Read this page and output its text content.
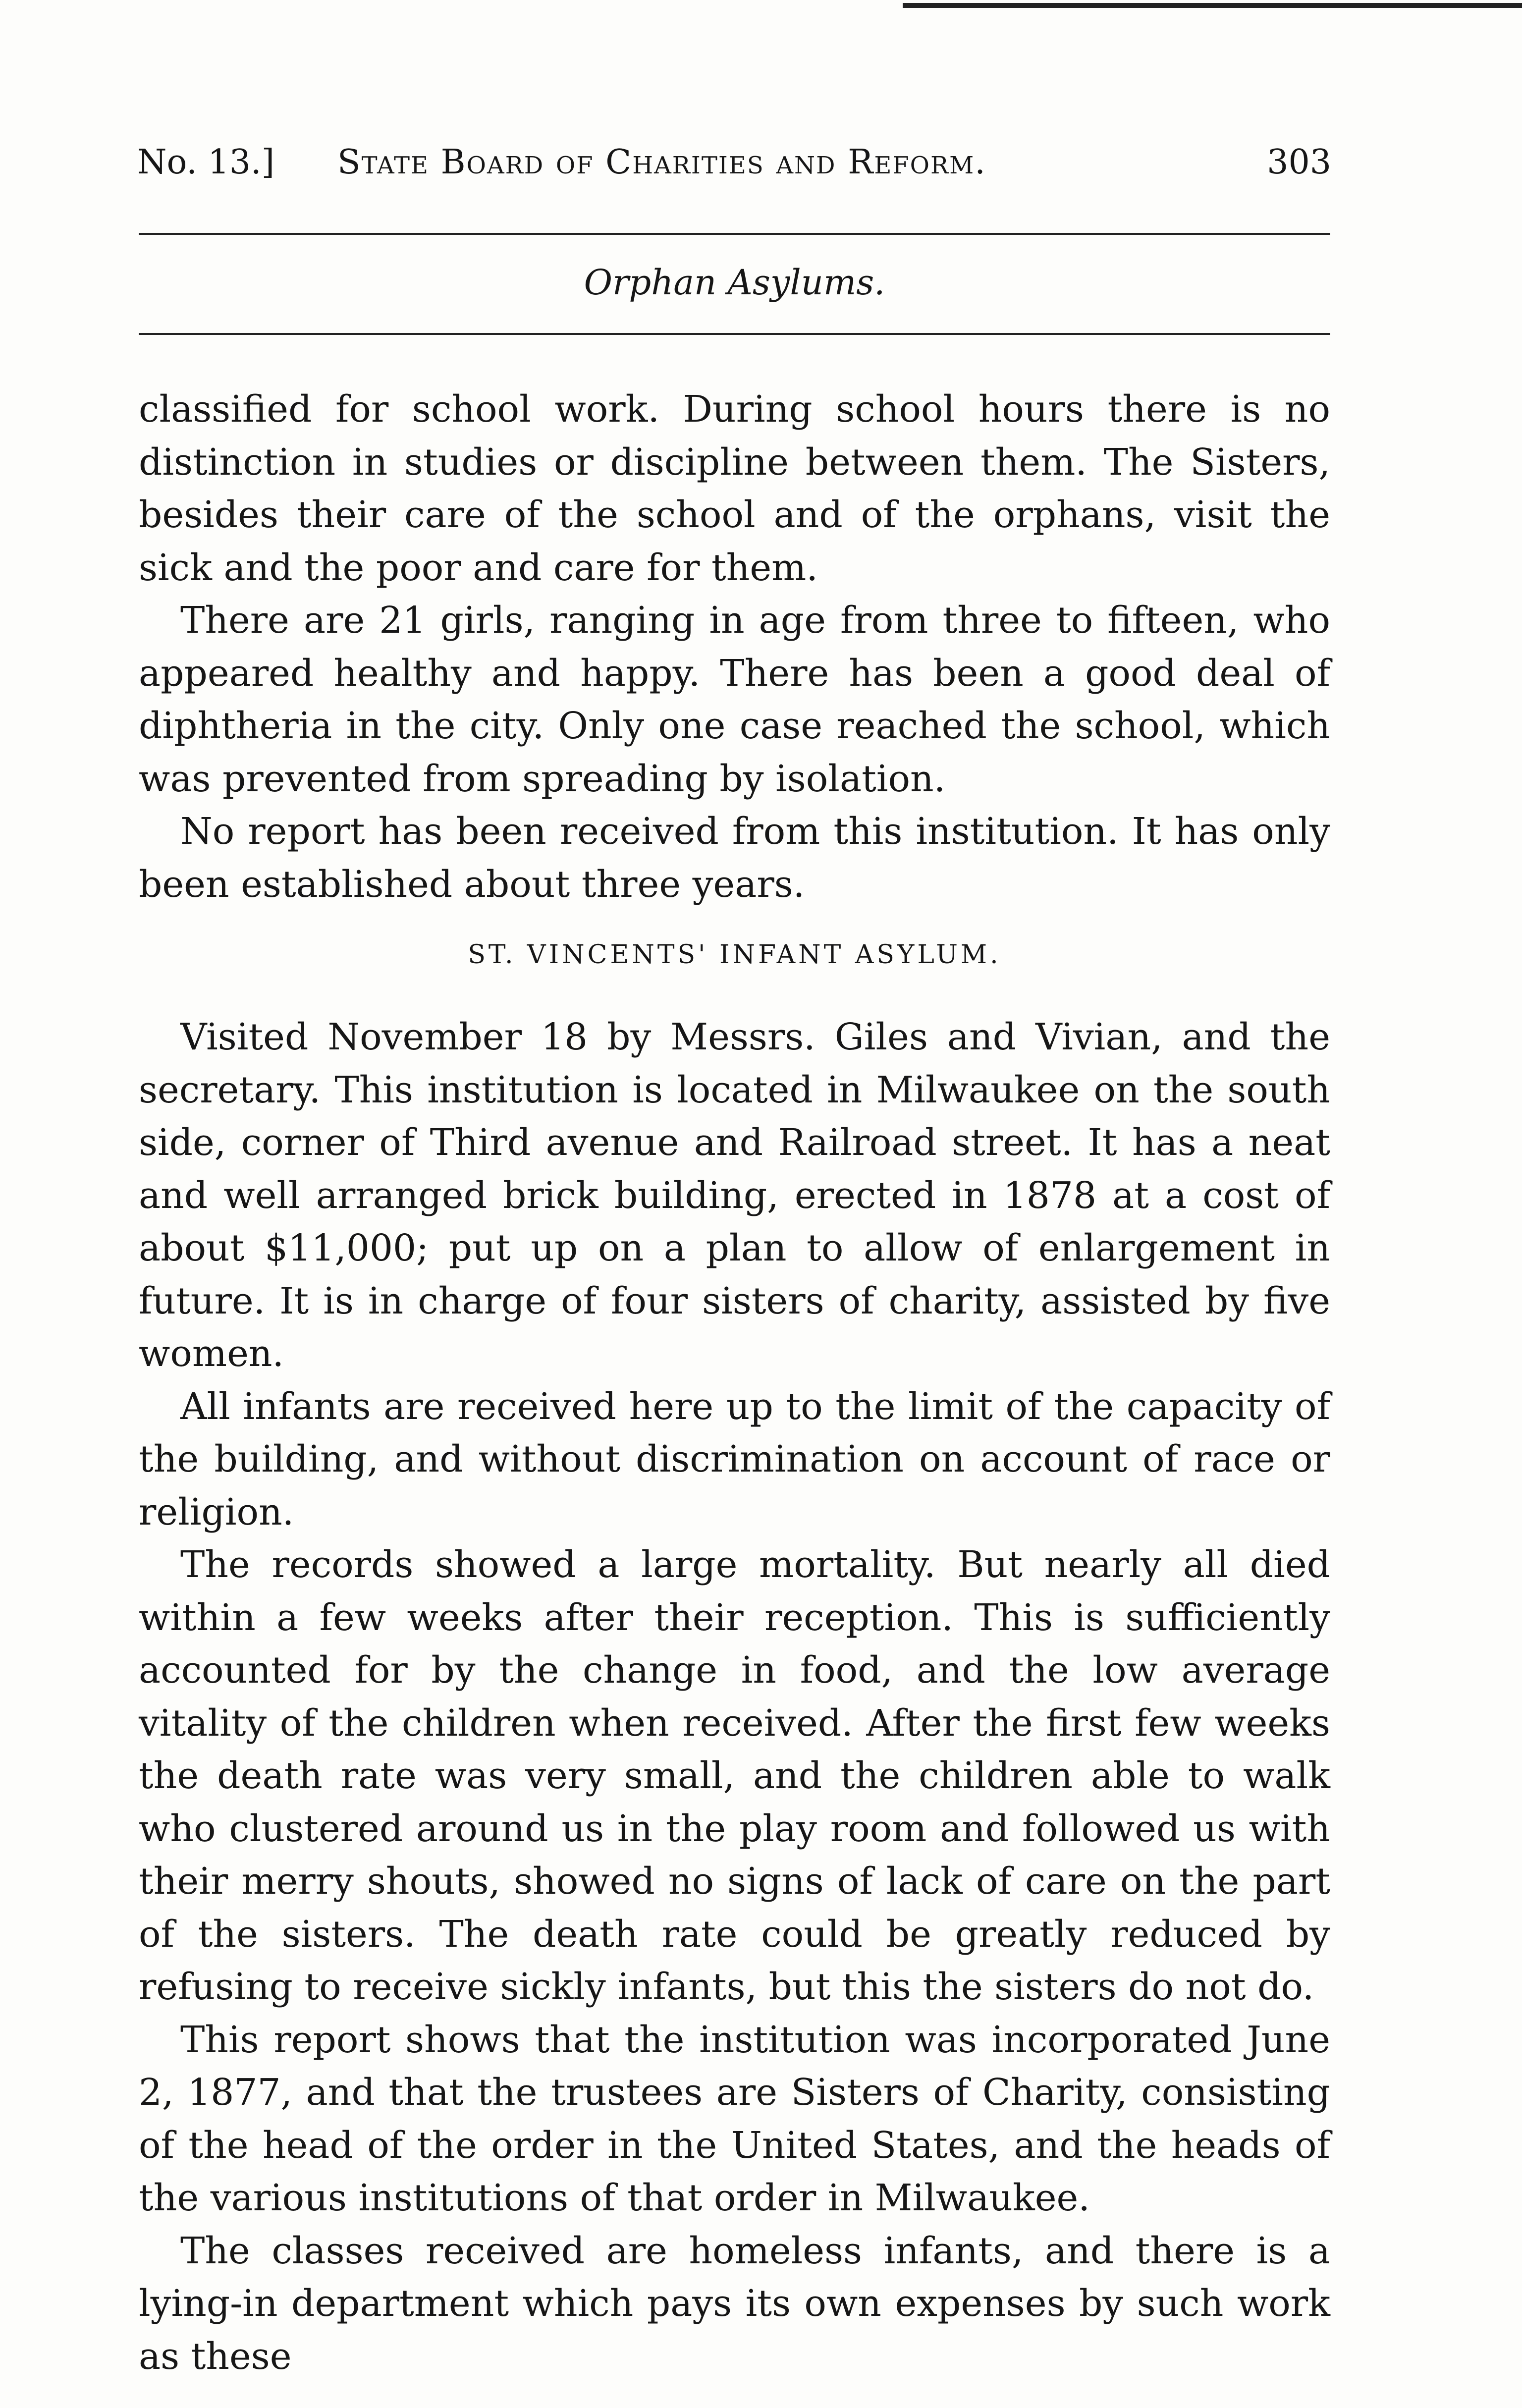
No. 13.] State Board of Charities and Reform.	303
Orphan Asylums.

classified for school work. During school hours there is no distinction in studies or discipline between them. The Sisters, besides their care of the school and of the orphans, visit the sick and the poor and care for them.

There are 21 girls, ranging in age from three to fifteen, who appeared healthy and happy. There has been a good deal of diphtheria in the city. Only one case reached the school, which was prevented from spreading by isolation.

No report has been received from this institution. It has only been established about three years.

ST. VINCENTS' INFANT ASYLUM.

Visited November 18 by Messrs. Giles and Vivian, and the secretary. This institution is located in Milwaukee on the south side, corner of Third avenue and Railroad street. It has a neat and well arranged brick building, erected in 1878 at a cost of about $11,000; put up on a plan to allow of enlargement in future. It is in charge of four sisters of charity, assisted by five women.

All infants are received here up to the limit of the capacity of the building, and without discrimination on account of race or religion.

The records showed a large mortality. But nearly all died within a few weeks after their reception. This is sufficiently accounted for by the change in food, and the low average vitality of the children when received. After the first few weeks the death rate was very small, and the children able to walk who clustered around us in the play room and followed us with their merry shouts, showed no signs of lack of care on the part of the sisters. The death rate could be greatly reduced by refusing to receive sickly infants, but this the sisters do not do.

This report shows that the institution was incorporated June 2, 1877, and that the trustees are Sisters of Charity, consisting of the head of the order in the United States, and the heads of the various institutions of that order in Milwaukee.

The classes received are homeless infants, and there is a lying-in department which pays its own expenses by such work as these
